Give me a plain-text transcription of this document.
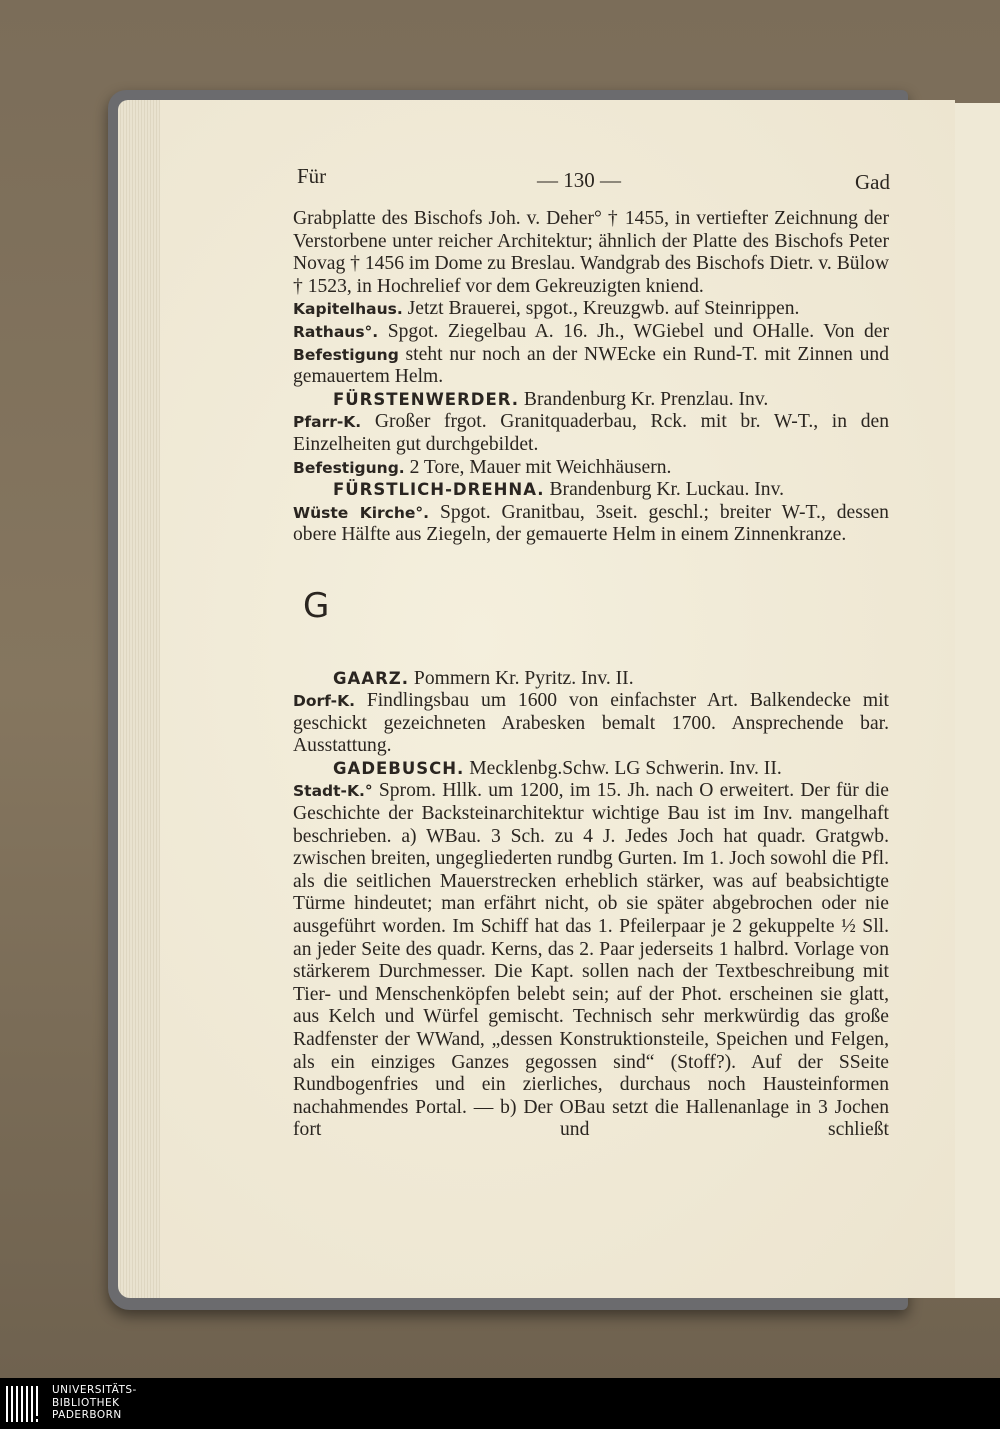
Für	— 130 —	Gad

Grabplatte des Bischofs Joh. v. Deher° † 1455, in vertiefter Zeichnung der Verstorbene unter reicher Architektur; ähnlich der Platte des Bischofs Peter Novag † 1456 im Dome zu Breslau. Wandgrab des Bischofs Dietr. v. Bülow † 1523, in Hochrelief vor dem Gekreuzigten kniend.

Kapitelhaus. Jetzt Brauerei, spgot., Kreuzgwb. auf Steinrippen.

Rathaus°. Spgot. Ziegelbau A. 16. Jh., WGiebel und OHalle. Von der Befestigung steht nur noch an der NWEcke ein Rund-T. mit Zinnen und gemauertem Helm.

FÜRSTENWERDER. Brandenburg Kr. Prenzlau. Inv.

Pfarr-K. Großer frgot. Granitquaderbau, Rck. mit br. W-T., in den Einzelheiten gut durchgebildet.

Befestigung. 2 Tore, Mauer mit Weichhäusern.

FÜRSTLICH-DREHNA. Brandenburg Kr. Luckau. Inv.

Wüste Kirche°. Spgot. Granitbau, 3seit. geschl.; breiter W-T., dessen obere Hälfte aus Ziegeln, der gemauerte Helm in einem Zinnenkranze.

G

GAARZ. Pommern Kr. Pyritz. Inv. II.

Dorf-K. Findlingsbau um 1600 von einfachster Art. Balkendecke mit geschickt gezeichneten Arabesken bemalt 1700. Ansprechende bar. Ausstattung.

GADEBUSCH. Mecklenbg.Schw. LG Schwerin. Inv. II.

Stadt-K.° Sprom. Hllk. um 1200, im 15. Jh. nach O erweitert. Der für die Geschichte der Backsteinarchitektur wichtige Bau ist im Inv. mangelhaft beschrieben. a) WBau. 3 Sch. zu 4 J. Jedes Joch hat quadr. Gratgwb. zwischen breiten, ungegliederten rundbg Gurten. Im 1. Joch sowohl die Pfl. als die seitlichen Mauerstrecken erheblich stärker, was auf beabsichtigte Türme hindeutet; man erfährt nicht, ob sie später abgebrochen oder nie ausgeführt worden. Im Schiff hat das 1. Pfeilerpaar je 2 gekuppelte ½ Sll. an jeder Seite des quadr. Kerns, das 2. Paar jederseits 1 halbrd. Vorlage von stärkerem Durchmesser. Die Kapt. sollen nach der Textbeschreibung mit Tier- und Menschenköpfen belebt sein; auf der Phot. erscheinen sie glatt, aus Kelch und Würfel gemischt. Technisch sehr merkwürdig das große Radfenster der WWand, „dessen Konstruktionsteile, Speichen und Felgen, als ein einziges Ganzes gegossen sind“ (Stoff?). Auf der SSeite Rundbogenfries und ein zierliches, durchaus noch Hausteinformen nachahmendes Portal. — b) Der OBau setzt die Hallenanlage in 3 Jochen fort und schließt

UNIVERSITÄTS-
BIBLIOTHEK
PADERBORN
